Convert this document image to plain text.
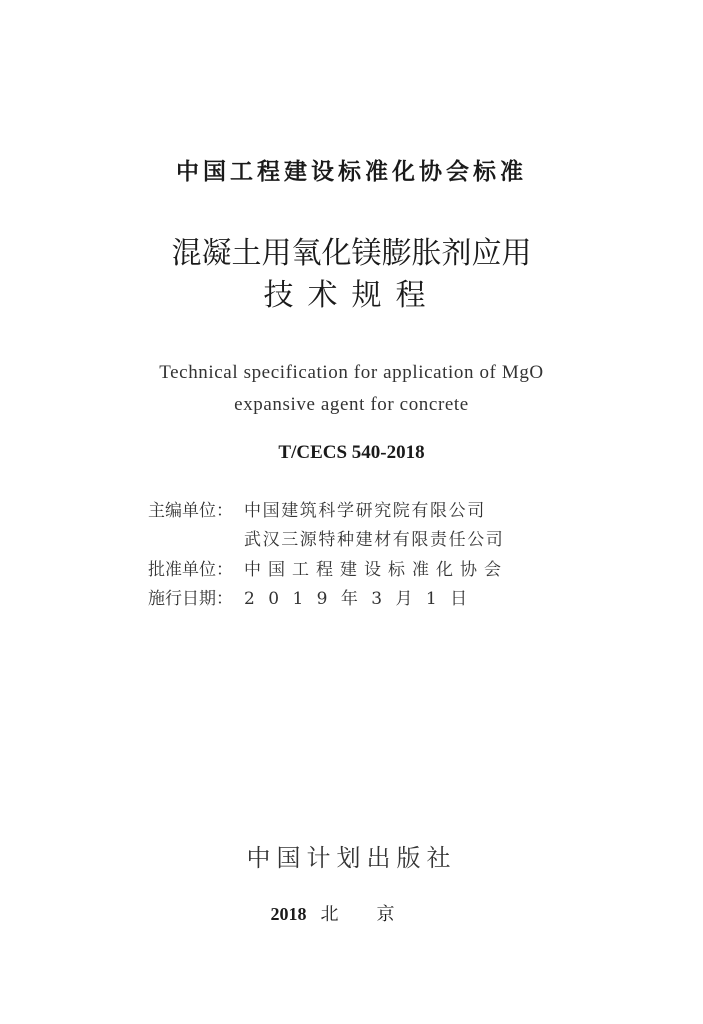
中国工程建设标准化协会标准
混凝土用氧化镁膨胀剂应用
技术规程
Technical specification for application of MgO
expansive agent for concrete
T/CECS 540-2018
主编单位： 中国建筑科学研究院有限公司
武汉三源特种建材有限责任公司
批准单位： 中国工程建设标准化协会
施行日期： 2 0 1 9 年 3 月 1 日
中国计划出版社
2018 北京
